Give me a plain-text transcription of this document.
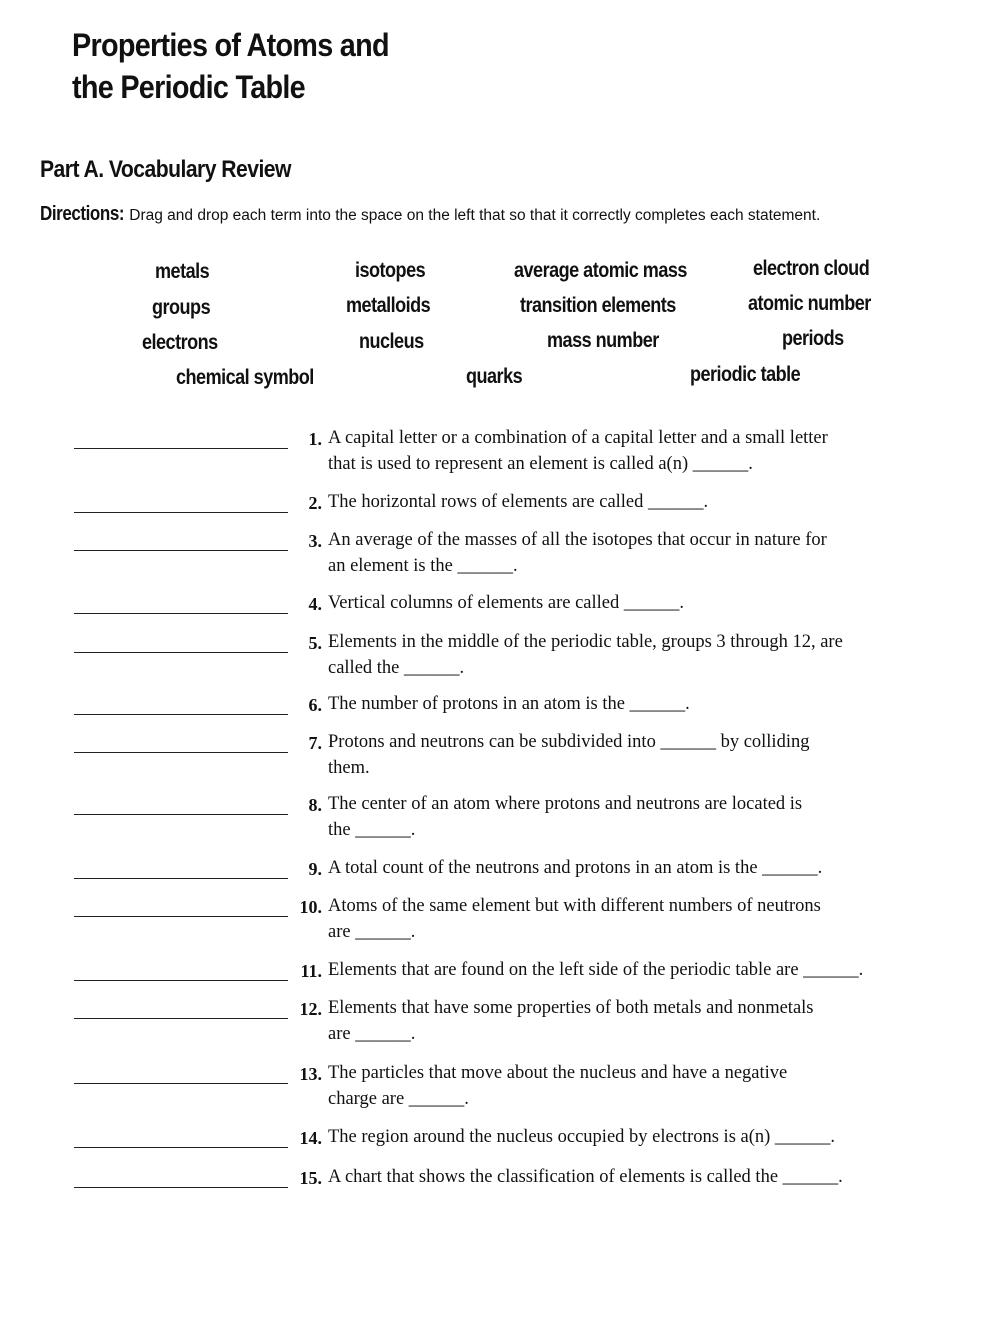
Properties of Atoms and
the Periodic Table
Part A. Vocabulary Review
Directions: Drag and drop each term into the space on the left that so that it correctly completes each statement.
metals	isotopes	average atomic mass	electron cloud
groups	metalloids	transition elements	atomic number
electrons	nucleus	mass number	periods
chemical symbol	quarks	periodic table
1. A capital letter or a combination of a capital letter and a small letter
that is used to represent an element is called a(n) ______.
2. The horizontal rows of elements are called ______.
3. An average of the masses of all the isotopes that occur in nature for
an element is the ______.
4. Vertical columns of elements are called ______.
5. Elements in the middle of the periodic table, groups 3 through 12, are
called the ______.
6. The number of protons in an atom is the ______.
7. Protons and neutrons can be subdivided into ______ by colliding
them.
8. The center of an atom where protons and neutrons are located is
the ______.
9. A total count of the neutrons and protons in an atom is the ______.
10. Atoms of the same element but with different numbers of neutrons
are ______.
11. Elements that are found on the left side of the periodic table are ______.
12. Elements that have some properties of both metals and nonmetals
are ______.
13. The particles that move about the nucleus and have a negative
charge are ______.
14. The region around the nucleus occupied by electrons is a(n) ______.
15. A chart that shows the classification of elements is called the ______.
